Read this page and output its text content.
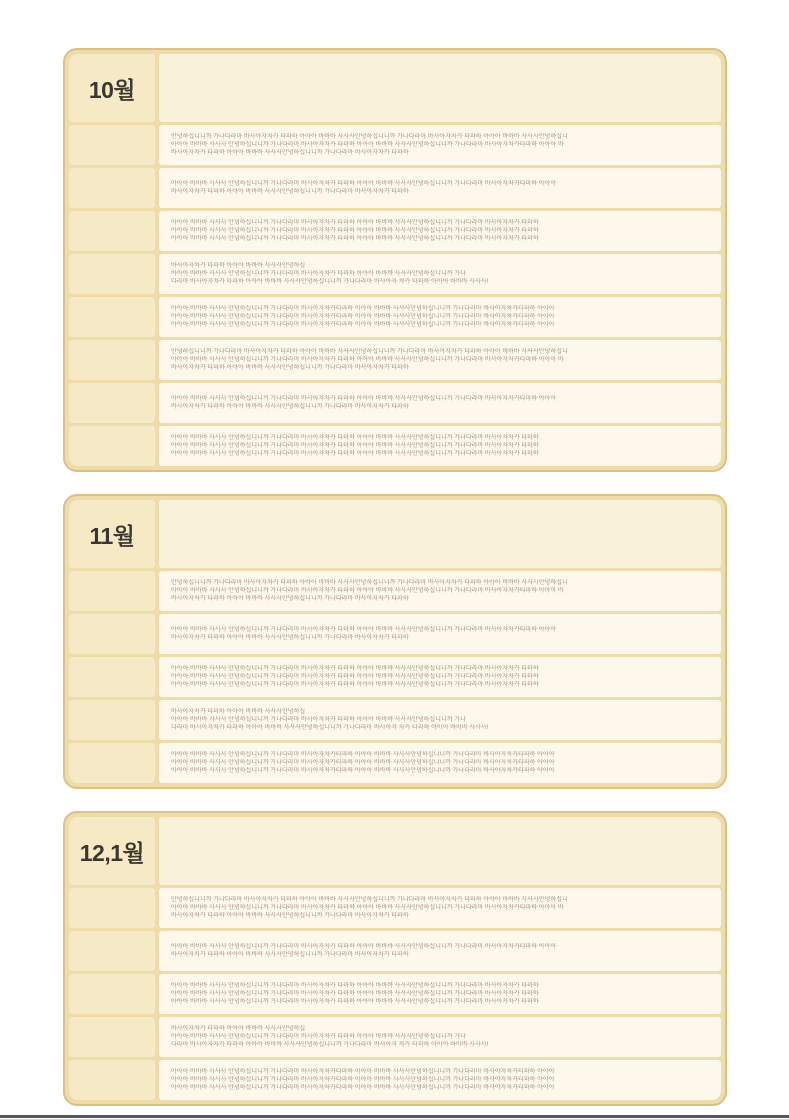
10월
안녕하십니니까 가나다라마 바사아자차카 타파하 아아아 바바바 사사사안녕하십니니까 가나다라마 바사아자차카 타파하 아아아 바바바 사사사안녕하십니
아아아 바바바 사사사 안녕하십니니까 가나다라마 바사아자차카 타파하 아아아 바바바 사사사안녕하십니니까 가나다라마 바사아자차카타파하 아아아 바
바사아자차카 타파하 아아아 바바바 사사사안녕하십니니까 가나다라마 바사아자차카 타파하
아아아 바바바 사사사 안녕하십니니까 가나다라마 바사아자차카 타파하 아아아 바바바 사사사안녕하십니니까 가나다라마 바사아자차카타파하 아아아
바사아자차카 타파하 아아아 바바바 사사사안녕하십니니까 가나다라마 바사아자차카 타파하
아아아 바바바 사사사 안녕하십니니까 가나다라마 바사아자차카 타파하 아아아 바바바 사사사안녕하십니니까 가나다라마 바사아자차카 타파하
아아아 바바바 사사사 안녕하십니니까 가나다라마 바사아자차카 타파하 아아아 바바바 사사사안녕하십니니까 가나다라마 바사아자차카 타파하
아아아 바바바 사사사 안녕하십니니까 가나다라마 바사아자차카 타파하 아아아 바바바 사사사안녕하십니니까 가나다라마 바사아자차카 타파하
바사아자차카 타파하 아아아 바바바 사사사안녕하십
아아아 바바바 사사사 안녕하십니니까 가나다라마 바사아자차카 타파하 아아아 바바바 사사사안녕하십니니까 가나
다라마 바사아자차카 타파하 아아아 바바바 사사사안녕하십니니까 가나다라마 바사아자 차카 타파하 아아아 바바바 사사사!
아아아 바바바 사사사 안녕하십니니까 가나다라마 바사아자차카타파하 아아아 바바바 사사사안녕하십니니까 가나다라마 바사아자차카타파하 아아아
아아아 바바바 사사사 안녕하십니니까 가나다라마 바사아자차카타파하 아아아 바바바 사사사안녕하십니니까 가나다라마 바사아자차카타파하 아아아
아아아 바바바 사사사 안녕하십니니까 가나다라마 바사아자차카타파하 아아아 바바바 사사사안녕하십니니까 가나다라마 바사아자차카타파하 아아아
안녕하십니니까 가나다라마 바사아자차카 타파하 아아아 바바바 사사사안녕하십니니까 가나다라마 바사아자차카 타파하 아아아 바바바 사사사안녕하십니
아아아 바바바 사사사 안녕하십니니까 가나다라마 바사아자차카 타파하 아아아 바바바 사사사안녕하십니니까 가나다라마 바사아자차카타파하 아아아 바
바사아자차카 타파하 아아아 바바바 사사사안녕하십니니까 가나다라마 바사아자차카 타파하
아아아 바바바 사사사 안녕하십니니까 가나다라마 바사아자차카 타파하 아아아 바바바 사사사안녕하십니니까 가나다라마 바사아자차카타파하 아아아
바사아자차카 타파하 아아아 바바바 사사사안녕하십니니까 가나다라마 바사아자차카 타파하
아아아 바바바 사사사 안녕하십니니까 가나다라마 바사아자차카 타파하 아아아 바바바 사사사안녕하십니니까 가나다라마 바사아자차카 타파하
아아아 바바바 사사사 안녕하십니니까 가나다라마 바사아자차카 타파하 아아아 바바바 사사사안녕하십니니까 가나다라마 바사아자차카 타파하
아아아 바바바 사사사 안녕하십니니까 가나다라마 바사아자차카 타파하 아아아 바바바 사사사안녕하십니니까 가나다라마 바사아자차카 타파하
11월
안녕하십니니까 가나다라마 바사아자차카 타파하 아아아 바바바 사사사안녕하십니니까 가나다라마 바사아자차카 타파하 아아아 바바바 사사사안녕하십니
아아아 바바바 사사사 안녕하십니니까 가나다라마 바사아자차카 타파하 아아아 바바바 사사사안녕하십니니까 가나다라마 바사아자차카타파하 아아아 바
바사아자차카 타파하 아아아 바바바 사사사안녕하십니니까 가나다라마 바사아자차카 타파하
아아아 바바바 사사사 안녕하십니니까 가나다라마 바사아자차카 타파하 아아아 바바바 사사사안녕하십니니까 가나다라마 바사아자차카타파하 아아아
바사아자차카 타파하 아아아 바바바 사사사안녕하십니니까 가나다라마 바사아자차카 타파하
아아아 바바바 사사사 안녕하십니니까 가나다라마 바사아자차카 타파하 아아아 바바바 사사사안녕하십니니까 가나다라마 바사아자차카 타파하
아아아 바바바 사사사 안녕하십니니까 가나다라마 바사아자차카 타파하 아아아 바바바 사사사안녕하십니니까 가나다라마 바사아자차카 타파하
아아아 바바바 사사사 안녕하십니니까 가나다라마 바사아자차카 타파하 아아아 바바바 사사사안녕하십니니까 가나다라마 바사아자차카 타파하
바사아자차카 타파하 아아아 바바바 사사사안녕하십
아아아 바바바 사사사 안녕하십니니까 가나다라마 바사아자차카 타파하 아아아 바바바 사사사안녕하십니니까 가나
다라마 바사아자차카 타파하 아아아 바바바 사사사안녕하십니니까 가나다라마 바사아자 차카 타파하 아아아 바바바 사사사!
아아아 바바바 사사사 안녕하십니니까 가나다라마 바사아자차카타파하 아아아 바바바 사사사안녕하십니니까 가나다라마 바사아자차카타파하 아아아
아아아 바바바 사사사 안녕하십니니까 가나다라마 바사아자차카타파하 아아아 바바바 사사사안녕하십니니까 가나다라마 바사아자차카타파하 아아아
아아아 바바바 사사사 안녕하십니니까 가나다라마 바사아자차카타파하 아아아 바바바 사사사안녕하십니니까 가나다라마 바사아자차카타파하 아아아
12,1월
안녕하십니니까 가나다라마 바사아자차카 타파하 아아아 바바바 사사사안녕하십니니까 가나다라마 바사아자차카 타파하 아아아 바바바 사사사안녕하십니
아아아 바바바 사사사 안녕하십니니까 가나다라마 바사아자차카 타파하 아아아 바바바 사사사안녕하십니니까 가나다라마 바사아자차카타파하 아아아 바
바사아자차카 타파하 아아아 바바바 사사사안녕하십니니까 가나다라마 바사아자차카 타파하
아아아 바바바 사사사 안녕하십니니까 가나다라마 바사아자차카 타파하 아아아 바바바 사사사안녕하십니니까 가나다라마 바사아자차카타파하 아아아
바사아자차카 타파하 아아아 바바바 사사사안녕하십니니까 가나다라마 바사아자차카 타파하
아아아 바바바 사사사 안녕하십니니까 가나다라마 바사아자차카 타파하 아아아 바바바 사사사안녕하십니니까 가나다라마 바사아자차카 타파하
아아아 바바바 사사사 안녕하십니니까 가나다라마 바사아자차카 타파하 아아아 바바바 사사사안녕하십니니까 가나다라마 바사아자차카 타파하
아아아 바바바 사사사 안녕하십니니까 가나다라마 바사아자차카 타파하 아아아 바바바 사사사안녕하십니니까 가나다라마 바사아자차카 타파하
바사아자차카 타파하 아아아 바바바 사사사안녕하십
아아아 바바바 사사사 안녕하십니니까 가나다라마 바사아자차카 타파하 아아아 바바바 사사사안녕하십니니까 가나
다라마 바사아자차카 타파하 아아아 바바바 사사사안녕하십니니까 가나다라마 바사아자 차카 타파하 아아아 바바바 사사사!
아아아 바바바 사사사 안녕하십니니까 가나다라마 바사아자차카타파하 아아아 바바바 사사사안녕하십니니까 가나다라마 바사아자차카타파하 아아아
아아아 바바바 사사사 안녕하십니니까 가나다라마 바사아자차카타파하 아아아 바바바 사사사안녕하십니니까 가나다라마 바사아자차카타파하 아아아
아아아 바바바 사사사 안녕하십니니까 가나다라마 바사아자차카타파하 아아아 바바바 사사사안녕하십니니까 가나다라마 바사아자차카타파하 아아아
